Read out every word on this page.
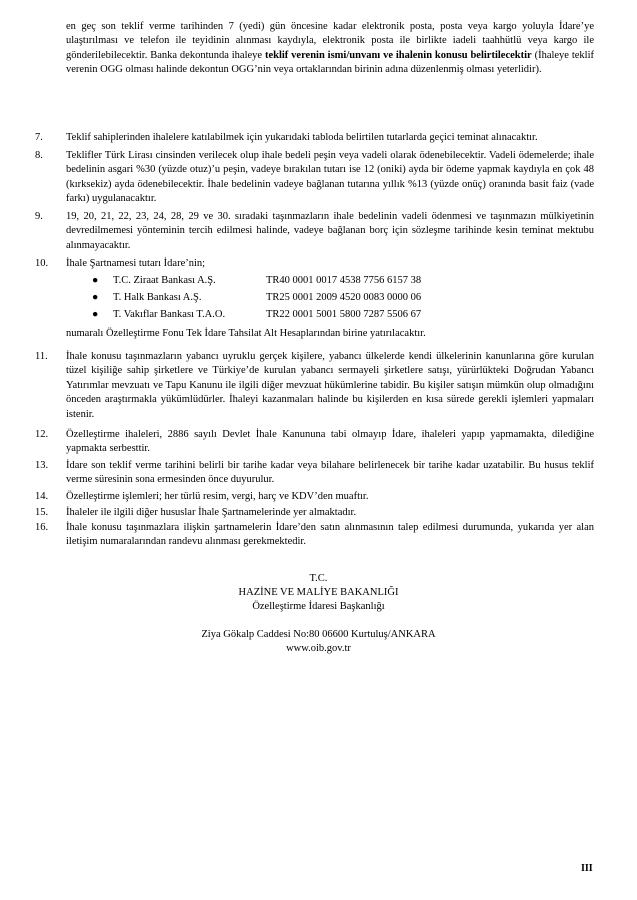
en geç son teklif verme tarihinden 7 (yedi) gün öncesine kadar elektronik posta, posta veya kargo yoluyla İdare’ye ulaştırılması ve telefon ile teyidinin alınması kaydıyla, elektronik posta ile birlikte iadeli taahhütlü veya kargo ile gönderilebilecektir. Banka dekontunda ihaleye teklif verenin ismi/unvanı ve ihalenin konusu belirtilecektir (İhaleye teklif verenin OGG olması halinde dekontun OGG’nin veya ortaklarından birinin adına düzenlenmiş olması yeterlidir).

7. Teklif sahiplerinden ihalelere katılabilmek için yukarıdaki tabloda belirtilen tutarlarda geçici teminat alınacaktır.
8. Teklifler Türk Lirası cinsinden verilecek olup ihale bedeli peşin veya vadeli olarak ödenebilecektir. Vadeli ödemelerde; ihale bedelinin asgari %30 (yüzde otuz)’u peşin, vadeye bırakılan tutarı ise 12 (oniki) ayda bir ödeme yapmak kaydıyla en çok 48 (kırksekiz) ayda ödenebilecektir. İhale bedelinin vadeye bağlanan tutarına yıllık %13 (yüzde onüç) oranında basit faiz (vade farkı) uygulanacaktır.
9. 19, 20, 21, 22, 23, 24, 28, 29 ve 30. sıradaki taşınmazların ihale bedelinin vadeli ödenmesi ve taşınmazın mülkiyetinin devredilmemesi yönteminin tercih edilmesi halinde, vadeye bağlanan borç için sözleşme tarihinde kesin teminat mektubu alınmayacaktır.
10. İhale Şartnamesi tutarı İdare’nin;
● T.C. Ziraat Bankası A.Ş.	TR40 0001 0017 4538 7756 6157 38
● T. Halk Bankası A.Ş.	TR25 0001 2009 4520 0083 0000 06
● T. Vakıflar Bankası T.A.O.	TR22 0001 5001 5800 7287 5506 67

numaralı Özelleştirme Fonu Tek İdare Tahsilat Alt Hesaplarından birine yatırılacaktır.

11. İhale konusu taşınmazların yabancı uyruklu gerçek kişilere, yabancı ülkelerde kendi ülkelerinin kanunlarına göre kurulan tüzel kişiliğe sahip şirketlere ve Türkiye’de kurulan yabancı sermayeli şirketlere satışı, yürürlükteki Doğrudan Yabancı Yatırımlar mevzuatı ve Tapu Kanunu ile ilgili diğer mevzuat hükümlerine tabidir. Bu kişiler satışın mümkün olup olmadığını önceden araştırmakla yükümlüdürler. İhaleyi kazanmaları halinde bu kişilerden en kısa sürede gerekli işlemleri yapmaları istenir.
12. Özelleştirme ihaleleri, 2886 sayılı Devlet İhale Kanununa tabi olmayıp İdare, ihaleleri yapıp yapmamakta, dilediğine yapmakta serbesttir.
13. İdare son teklif verme tarihini belirli bir tarihe kadar veya bilahare belirlenecek bir tarihe kadar uzatabilir. Bu husus teklif verme süresinin sona ermesinden önce duyurulur.
14. Özelleştirme işlemleri; her türlü resim, vergi, harç ve KDV’den muaftır.
15. İhaleler ile ilgili diğer hususlar İhale Şartnamelerinde yer almaktadır.
16. İhale konusu taşınmazlara ilişkin şartnamelerin İdare’den satın alınmasının talep edilmesi durumunda, yukarıda yer alan iletişim numaralarından randevu alınması gerekmektedir.
T.C.
HAZİNE VE MALİYE BAKANLIĞI
Özelleştirme İdaresi Başkanlığı
Ziya Gökalp Caddesi No:80 06600 Kurtuluş/ANKARA
www.oib.gov.tr
III
